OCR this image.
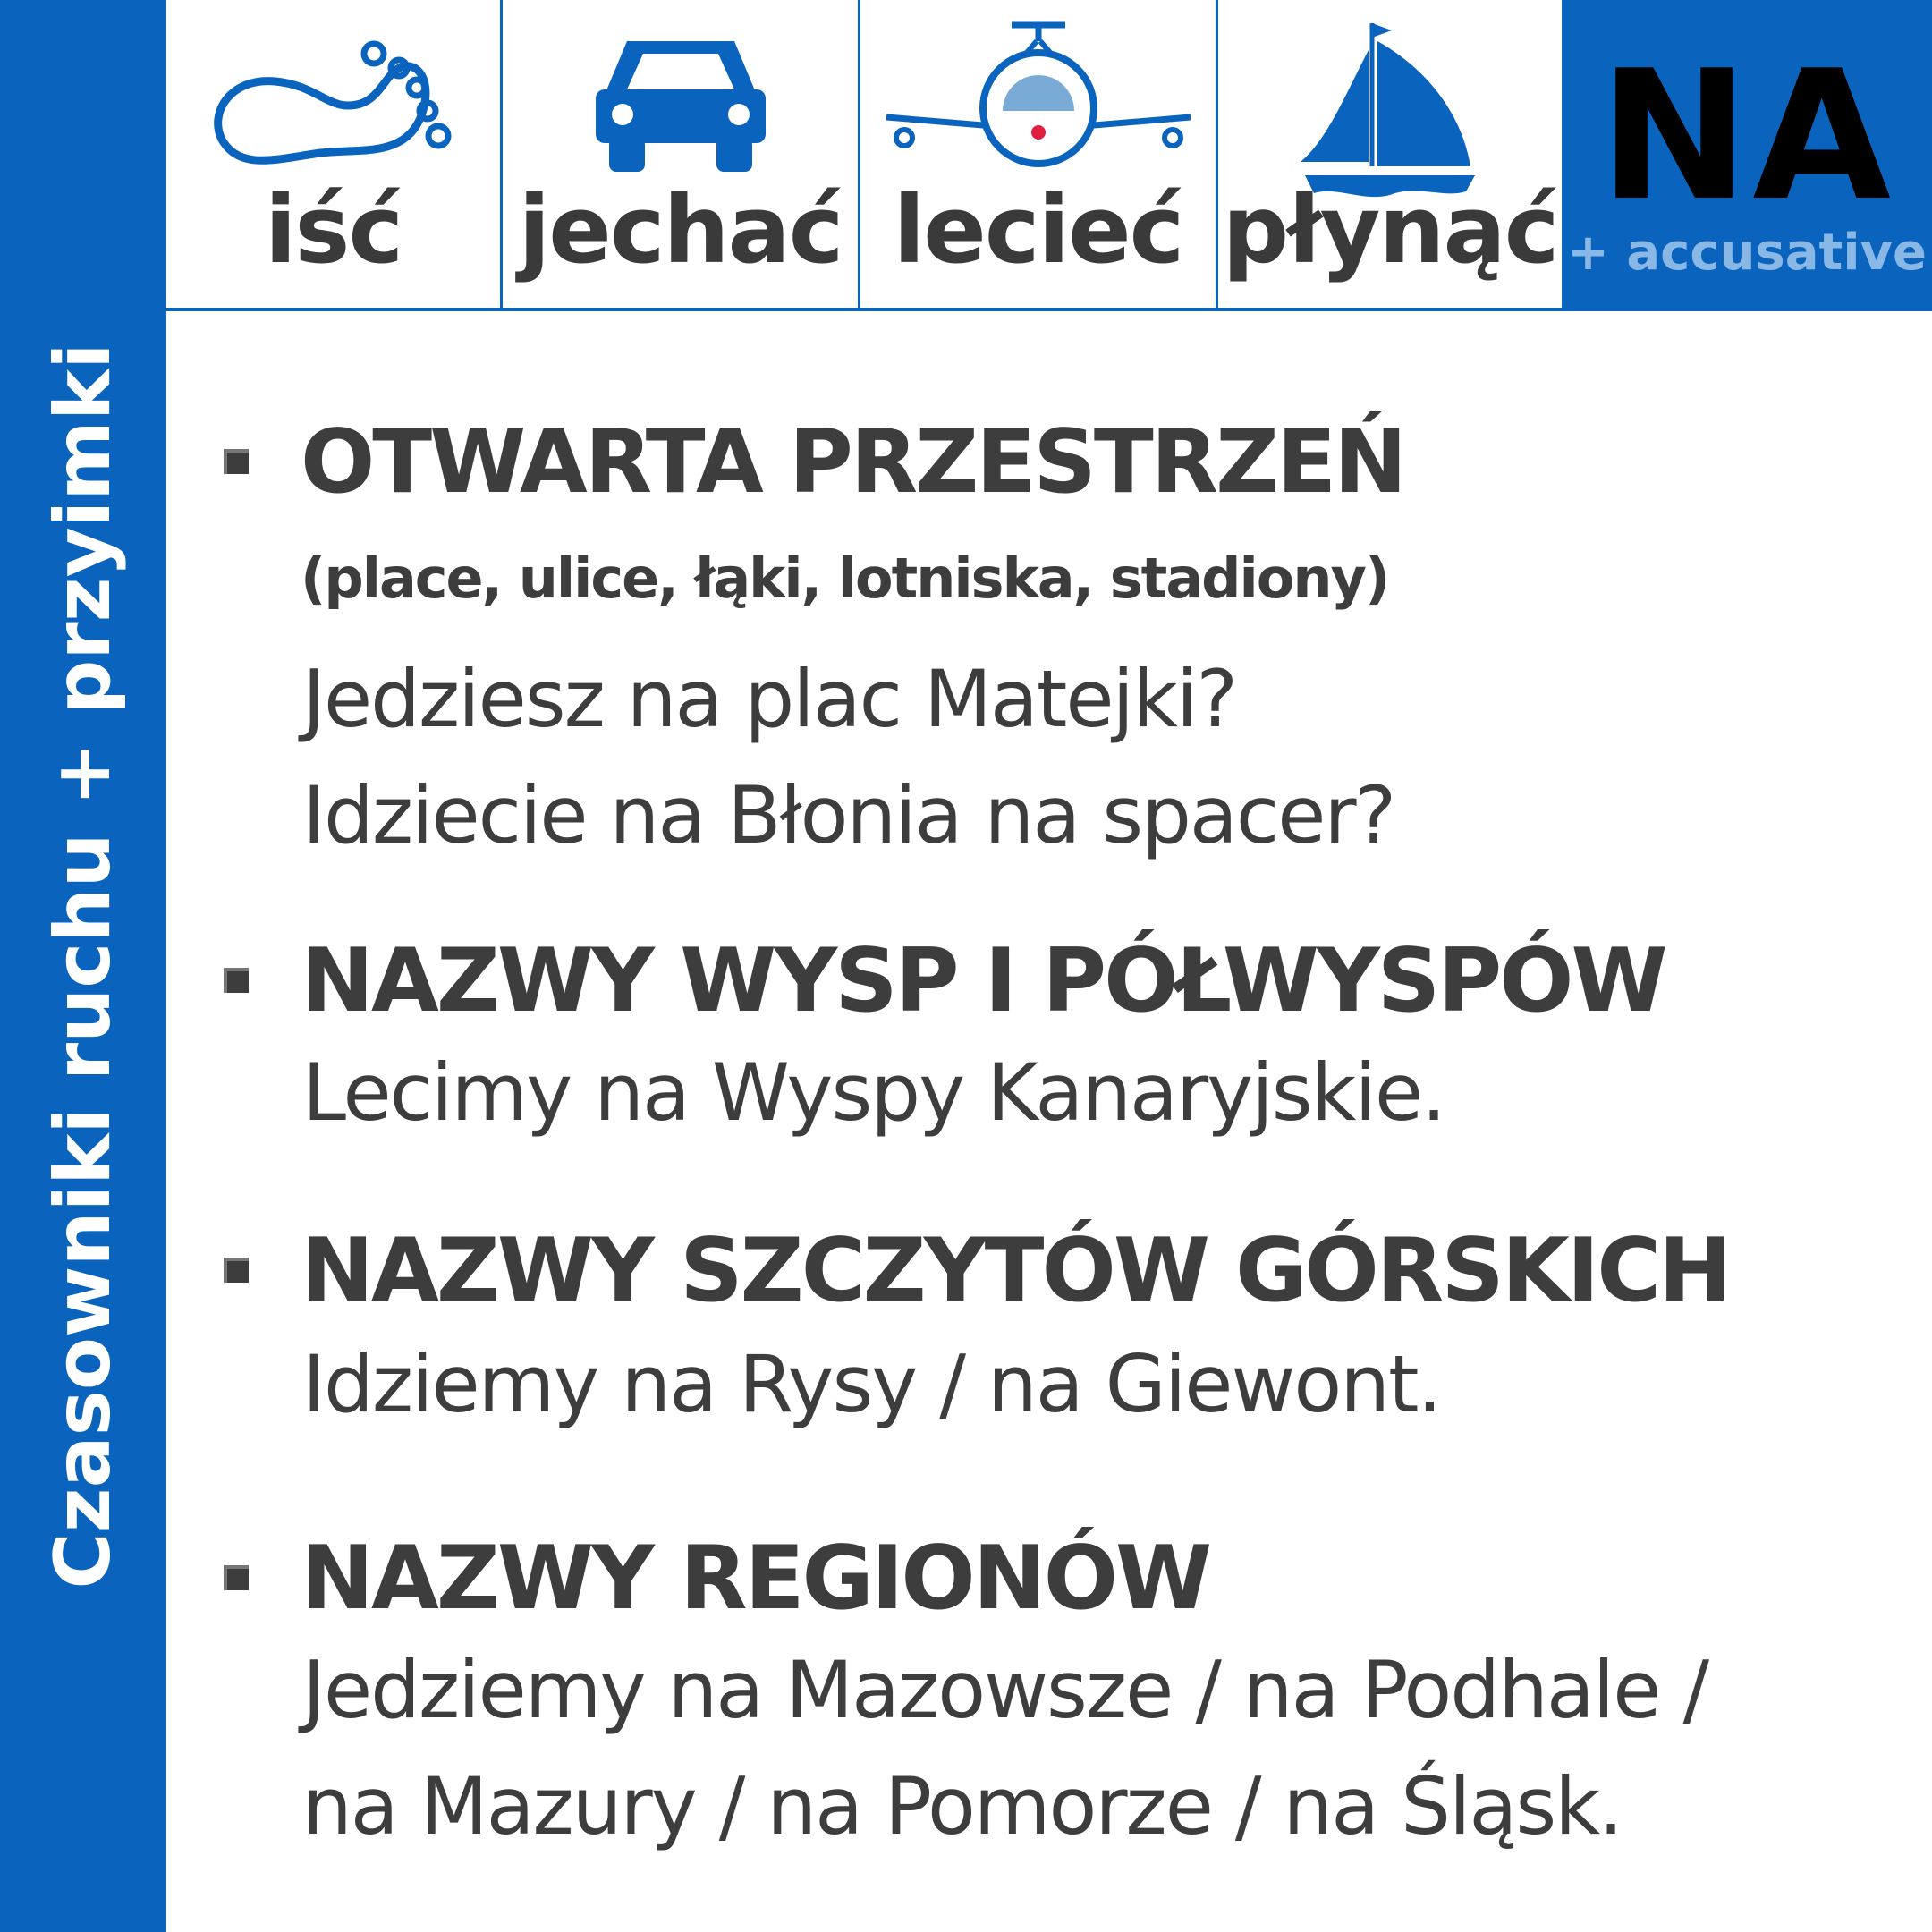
Czasowniki ruchu + przyimki
iść	jechać lecieć płynąć NA
+ accusative
OTWARTA PRZESTRZEŃ
(place, ulice, łąki, lotniska, stadiony)
Jedziesz na plac Matejki?
Idziecie na Błonia na spacer?
NAZWY WYSP I PÓŁWYSPÓW
Lecimy na Wyspy Kanaryjskie.
NAZWY SZCZYTÓW GÓRSKICH
Idziemy na Rysy / na Giewont.
NAZWY REGIONÓW
Jedziemy na Mazowsze / na Podhale /
na Mazury / na Pomorze / na Śląsk.
